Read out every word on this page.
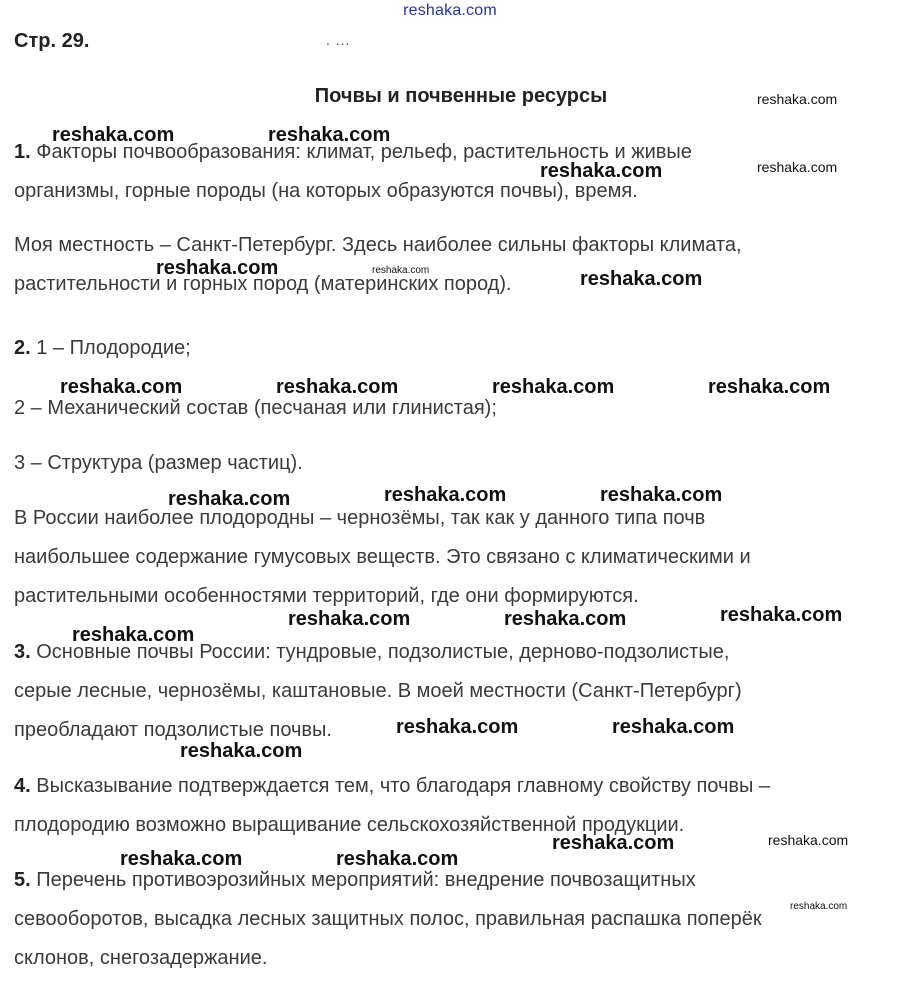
reshaka.com
Стр. 29.	. ...
Почвы и почвенные ресурсы
1. Факторы почвообразования: климат, рельеф, растительность и живые
организмы, горные породы (на которых образуются почвы), время.
Моя местность – Санкт-Петербург. Здесь наиболее сильны факторы климата,
растительности и горных пород (материнских пород).
2. 1 – Плодородие;
2 – Механический состав (песчаная или глинистая);
3 – Структура (размер частиц).
В России наиболее плодородны – чернозёмы, так как у данного типа почв
наибольшее содержание гумусовых веществ. Это связано с климатическими и
растительными особенностями территорий, где они формируются.
3. Основные почвы России: тундровые, подзолистые, дерново-подзолистые,
серые лесные, чернозёмы, каштановые. В моей местности (Санкт-Петербург)
преобладают подзолистые почвы.
4. Высказывание подтверждается тем, что благодаря главному свойству почвы –
плодородию возможно выращивание сельскохозяйственной продукции.
5. Перечень противоэрозийных мероприятий: внедрение почвозащитных
севооборотов, высадка лесных защитных полос, правильная распашка поперёк
склонов, снегозадержание.
reshaka.com
reshaka.com	reshaka.com
reshaka.com	reshaka.com
reshaka.com	reshaka.com	reshaka.com
reshaka.com	reshaka.com	reshaka.com	reshaka.com
reshaka.com	reshaka.com	reshaka.com
reshaka.com	reshaka.com	reshaka.com
reshaka.com
reshaka.com	reshaka.com
reshaka.com
reshaka.com	reshaka.com
reshaka.com	reshaka.com
reshaka.com
